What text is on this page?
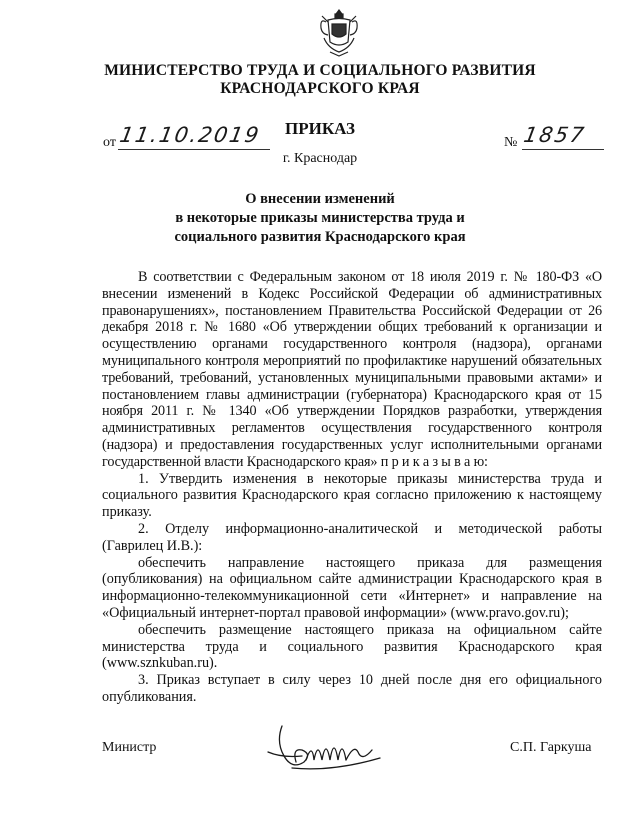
МИНИСТЕРСТВО ТРУДА И СОЦИАЛЬНОГО РАЗВИТИЯ
КРАСНОДАРСКОГО КРАЯ
ПРИКАЗ
от 11.10.2019	№ 1857
г. Краснодар
О внесении изменений
в некоторые приказы министерства труда и
социального развития Краснодарского края

В соответствии с Федеральным законом от 18 июля 2019 г. № 180-ФЗ «О внесении изменений в Кодекс Российской Федерации об административных правонарушениях», постановлением Правительства Российской Федерации от 26 декабря 2018 г. № 1680 «Об утверждении общих требований к организации и осуществлению органами государственного контроля (надзора), органами муниципального контроля мероприятий по профилактике нарушений обязательных требований, требований, установленных муниципальными правовыми актами» и постановлением главы администрации (губернатора) Краснодарского края от 15 ноября 2011 г. № 1340 «Об утверждении Порядков разработки, утверждения административных регламентов осуществления государственного контроля (надзора) и предоставления государственных услуг исполнительными органами государственной власти Краснодарского края» п р и к а з ы в а ю:

1. Утвердить изменения в некоторые приказы министерства труда и социального развития Краснодарского края согласно приложению к настоящему приказу.

2. Отделу информационно-аналитической и методической работы (Гаврилец И.В.):

обеспечить направление настоящего приказа для размещения (опубликования) на официальном сайте администрации Краснодарского края в информационно-телекоммуникационной сети «Интернет» и направление на «Официальный интернет-портал правовой информации» (www.pravo.gov.ru);

обеспечить размещение настоящего приказа на официальном сайте министерства труда и социального развития Краснодарского края (www.sznkuban.ru).

3. Приказ вступает в силу через 10 дней после дня его официального опубликования.

Министр	С.П. Гаркуша
